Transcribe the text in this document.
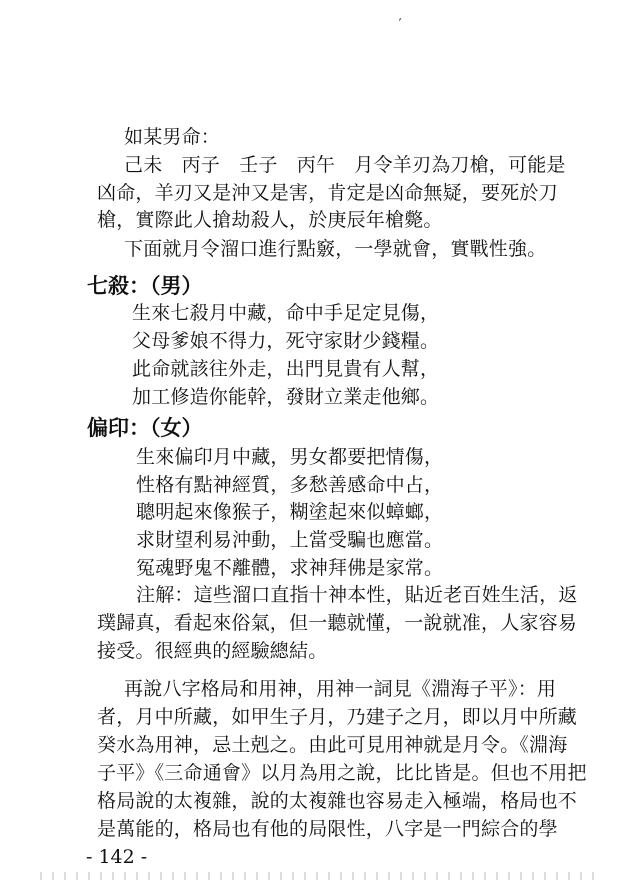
’
如某男命：
己未　丙子　壬子　丙午　月令羊刃為刀槍，可能是
凶命，羊刃又是沖又是害，肯定是凶命無疑，要死於刀
槍，實際此人搶劫殺人，於庚辰年槍斃。
下面就月令溜口進行點竅，一學就會，實戰性強。
七殺：（男）
生來七殺月中藏，命中手足定見傷，
父母爹娘不得力，死守家財少錢糧。
此命就該往外走，出門見貴有人幫，
加工修造你能幹，發財立業走他鄉。
偏印：（女）
生來偏印月中藏，男女都要把情傷，
性格有點神經質，多愁善感命中占，
聰明起來像猴子，糊塗起來似蟑螂，
求財望利易沖動，上當受騙也應當。
冤魂野鬼不離體，求神拜佛是家常。
注解：這些溜口直指十神本性，貼近老百姓生活，返
璞歸真，看起來俗氣，但一聽就懂，一說就准，人家容易
接受。很經典的經驗總結。
再說八字格局和用神，用神一詞見《淵海子平》：用
者，月中所藏，如甲生子月，乃建子之月，即以月中所藏
癸水為用神，忌土剋之。由此可見用神就是月令。《淵海
子平》《三命通會》以月為用之說，比比皆是。但也不用把
格局說的太複雜，說的太複雜也容易走入極端，格局也不
是萬能的，格局也有他的局限性，八字是一門綜合的學
- 142 -
